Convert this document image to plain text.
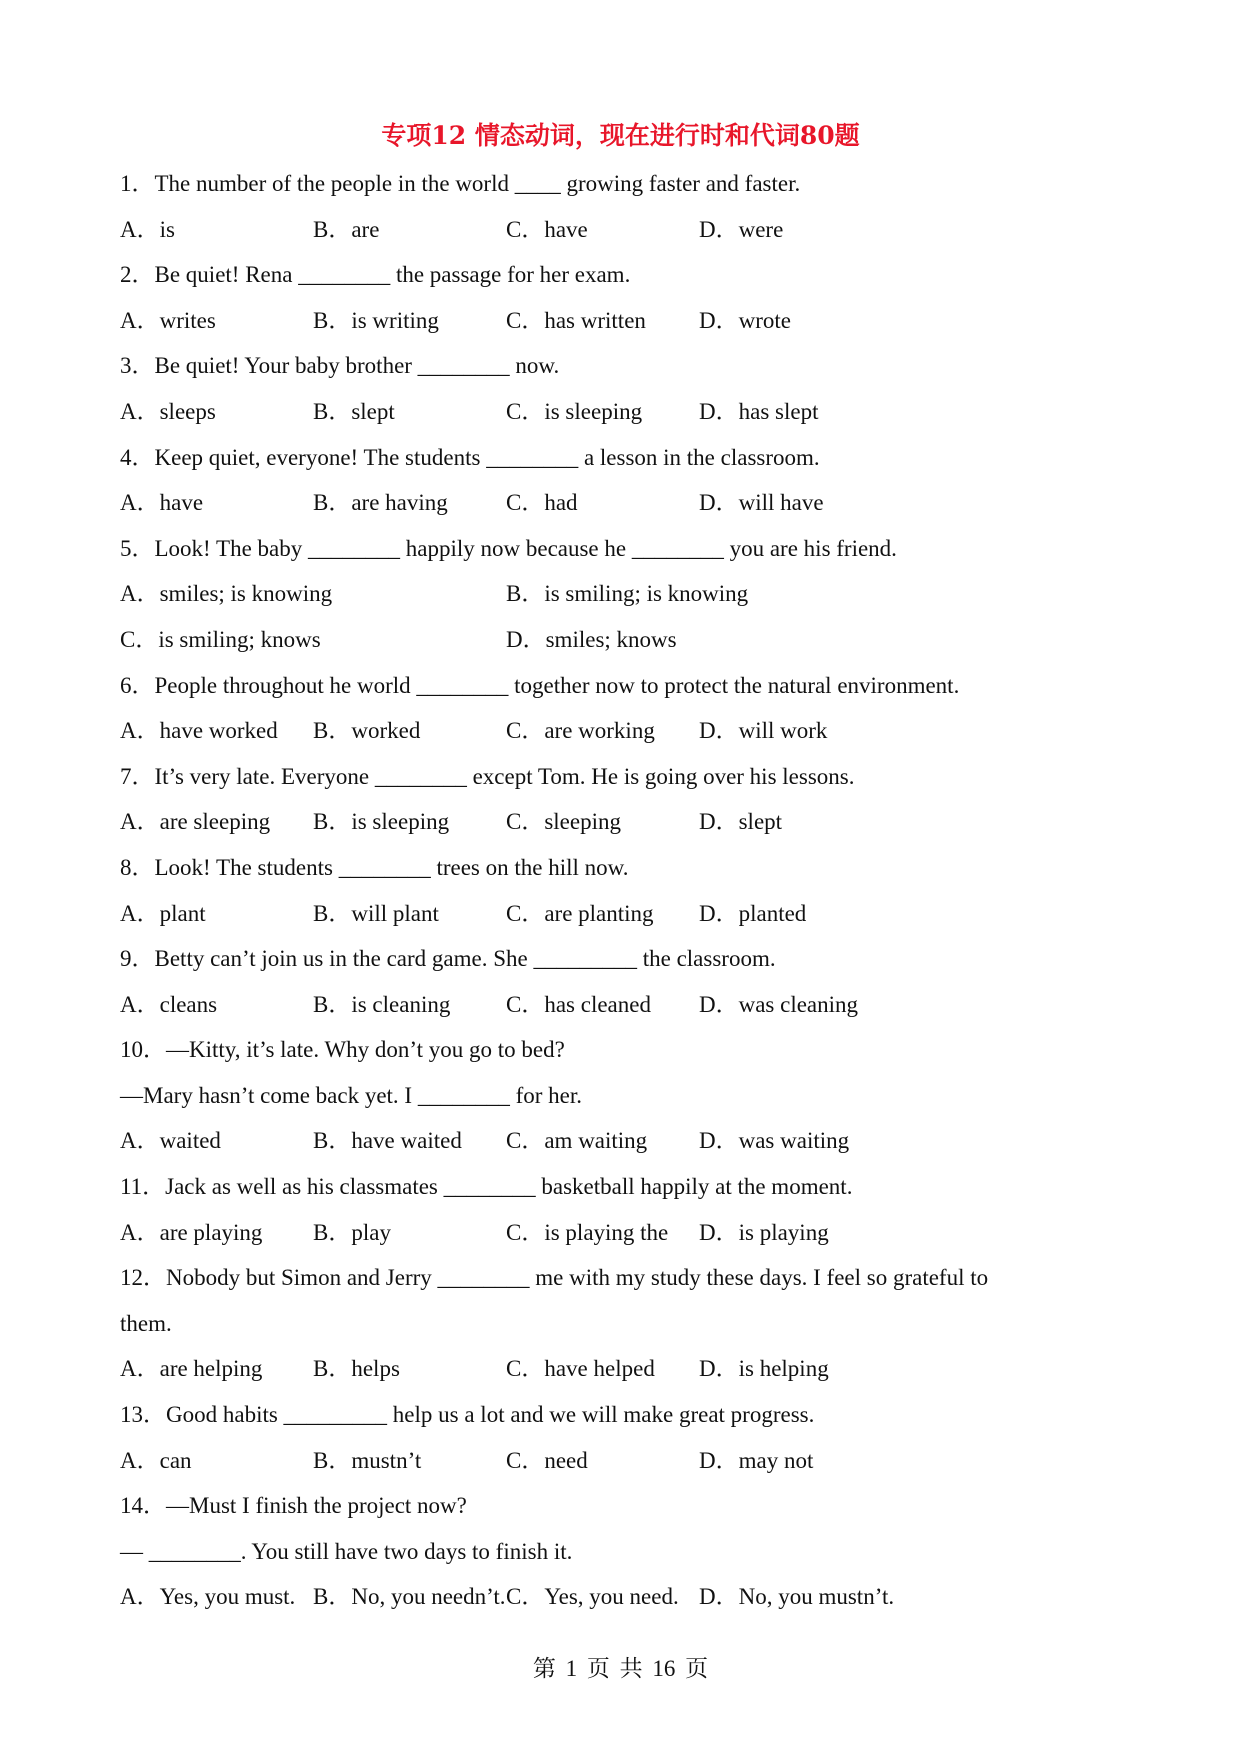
专项12 情态动词，现在进行时和代词80题
1．The number of the people in the world ____ growing faster and faster.
A．is	B．are	C．have	D．were
2．Be quiet! Rena ________ the passage for her exam.
A．writes	B．is writing	C．has written D．wrote
3．Be quiet! Your baby brother ________ now.
A．sleeps	B．slept	C．is sleeping D．has slept
4．Keep quiet, everyone! The students ________ a lesson in the classroom.
A．have	B．are having	C．had	D．will have
5．Look! The baby ________ happily now because he ________ you are his friend.
A．smiles; is knowing	B．is smiling; is knowing
C．is smiling; knows	D．smiles; knows
6．People throughout he world ________ together now to protect the natural environment.
A．have worked B．worked	C．are working D．will work
7．It’s very late. Everyone ________ except Tom. He is going over his lessons.
A．are sleeping B．is sleeping C．sleeping	D．slept
8．Look! The students ________ trees on the hill now.
A．plant	B．will plant	C．are planting D．planted
9．Betty can’t join us in the card game. She _________ the classroom.
A．cleans	B．is cleaning C．has cleaned D．was cleaning
10．—Kitty, it’s late. Why don’t you go to bed?
—Mary hasn’t come back yet. I ________ for her.
A．waited	B．have waited C．am waiting D．was waiting
11．Jack as well as his classmates ________ basketball happily at the moment.
A．are playing B．play	C．is playing the D．is playing
12．Nobody but Simon and Jerry ________ me with my study these days. I feel so grateful to
them.
A．are helping B．helps	C．have helped D．is helping
13．Good habits _________ help us a lot and we will make great progress.
A．can	B．mustn’t	C．need	D．may not
14．—Must I finish the project now?
— ________. You still have two days to finish it.
A．Yes, you must. B．No, you needn’t. C．Yes, you need. D．No, you mustn’t.
第 1 页 共 16 页
